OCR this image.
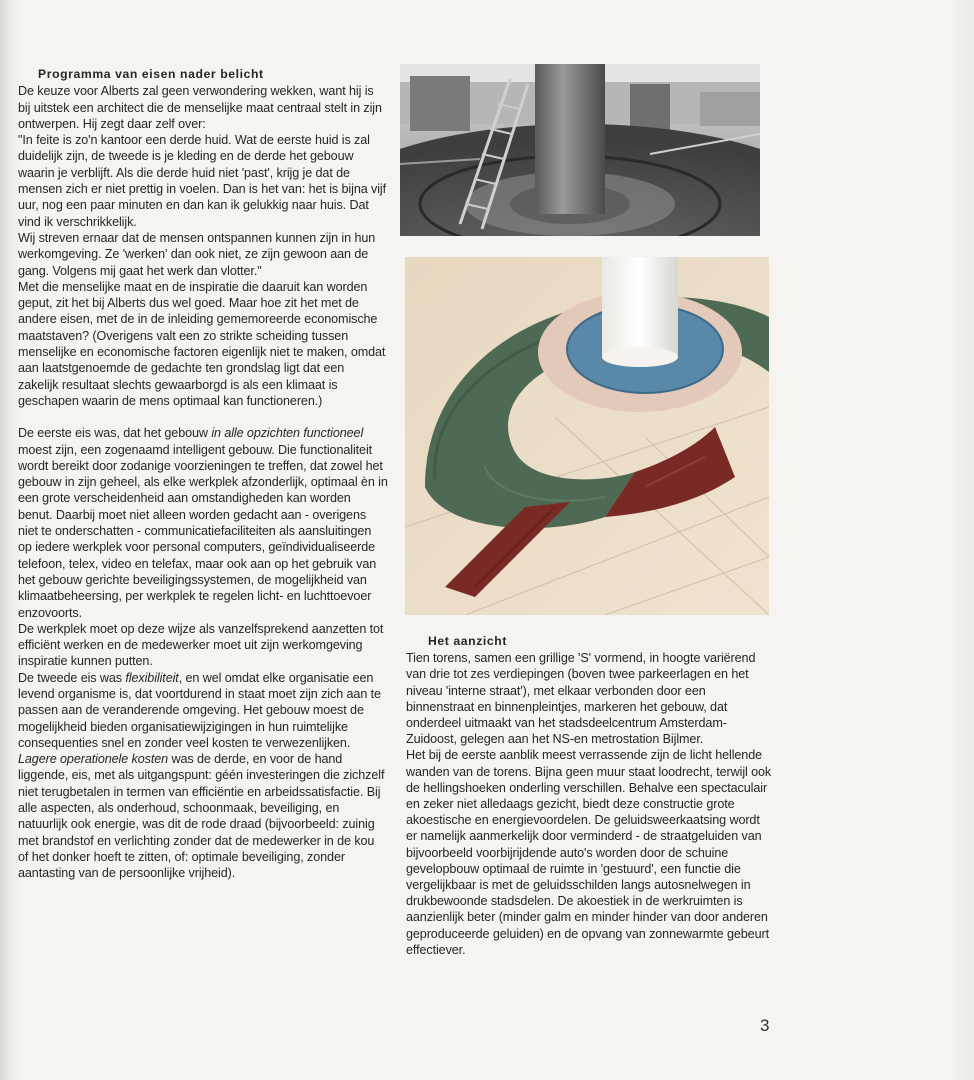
Programma van eisen nader belicht

De keuze voor Alberts zal geen verwondering wekken, want hij is bij uitstek een architect die de menselijke maat centraal stelt in zijn ontwerpen. Hij zegt daar zelf over:

"In feite is zo'n kantoor een derde huid. Wat de eerste huid is zal duidelijk zijn, de tweede is je kleding en de derde het gebouw waarin je verblijft. Als die derde huid niet 'past', krijg je dat de mensen zich er niet prettig in voelen. Dan is het van: het is bijna vijf uur, nog een paar minuten en dan kan ik gelukkig naar huis. Dat vind ik verschrikkelijk.

Wij streven ernaar dat de mensen ontspannen kunnen zijn in hun werkomgeving. Ze 'werken' dan ook niet, ze zijn gewoon aan de gang. Volgens mij gaat het werk dan vlotter."

Met die menselijke maat en de inspiratie die daaruit kan worden geput, zit het bij Alberts dus wel goed. Maar hoe zit het met de andere eisen, met de in de inleiding gememoreerde economische maatstaven? (Overigens valt een zo strikte scheiding tussen menselijke en economische factoren eigenlijk niet te maken, omdat aan laatstgenoemde de gedachte ten grondslag ligt dat een zakelijk resultaat slechts gewaarborgd is als een klimaat is geschapen waarin de mens optimaal kan functioneren.)

De eerste eis was, dat het gebouw in alle opzichten functioneel moest zijn, een zogenaamd intelligent gebouw. Die functionaliteit wordt bereikt door zodanige voorzieningen te treffen, dat zowel het gebouw in zijn geheel, als elke werkplek afzonderlijk, optimaal èn in een grote verscheidenheid aan omstandigheden kan worden benut. Daarbij moet niet alleen worden gedacht aan - overigens niet te onderschatten - communicatiefaciliteiten als aansluitingen op iedere werkplek voor personal computers, geïndividualiseerde telefoon, telex, video en telefax, maar ook aan op het gebruik van het gebouw gerichte beveiligingssystemen, de mogelijkheid van klimaatbeheersing, per werkplek te regelen licht- en luchttoevoer enzovoorts.

De werkplek moet op deze wijze als vanzelfsprekend aanzetten tot efficiënt werken en de medewerker moet uit zijn werkomgeving inspiratie kunnen putten.

De tweede eis was flexibiliteit, en wel omdat elke organisatie een levend organisme is, dat voortdurend in staat moet zijn zich aan te passen aan de veranderende omgeving. Het gebouw moest de mogelijkheid bieden organisatiewijzigingen in hun ruimtelijke consequenties snel en zonder veel kosten te verwezenlijken. Lagere operationele kosten was de derde, en voor de hand liggende, eis, met als uitgangspunt: géén investeringen die zichzelf niet terugbetalen in termen van efficiëntie en arbeidssatisfactie. Bij alle aspecten, als onderhoud, schoonmaak, beveiliging, en natuurlijk ook energie, was dit de rode draad (bijvoorbeeld: zuinig met brandstof en verlichting zonder dat de medewerker in de kou of het donker hoeft te zitten, of: optimale beveiliging, zonder aantasting van de persoonlijke vrijheid).

Het aanzicht

Tien torens, samen een grillige 'S' vormend, in hoogte variërend van drie tot zes verdiepingen (boven twee parkeerlagen en het niveau 'interne straat'), met elkaar verbonden door een binnenstraat en binnenpleintjes, markeren het gebouw, dat onderdeel uitmaakt van het stadsdeelcentrum Amsterdam-Zuidoost, gelegen aan het NS-en metrostation Bijlmer.

Het bij de eerste aanblik meest verrassende zijn de licht hellende wanden van de torens. Bijna geen muur staat loodrecht, terwijl ook de hellingshoeken onderling verschillen. Behalve een spectaculair en zeker niet alledaags gezicht, biedt deze constructie grote akoestische en energievoordelen. De geluidsweerkaatsing wordt er namelijk aanmerkelijk door verminderd - de straatgeluiden van bijvoorbeeld voorbijrijdende auto's worden door de schuine gevelopbouw optimaal de ruimte in 'gestuurd', een functie die vergelijkbaar is met de geluidsschilden langs autosnelwegen in drukbewoonde stadsdelen. De akoestiek in de werkruimten is aanzienlijk beter (minder galm en minder hinder van door anderen geproduceerde geluiden) en de opvang van zonnewarmte gebeurt effectiever.

3
